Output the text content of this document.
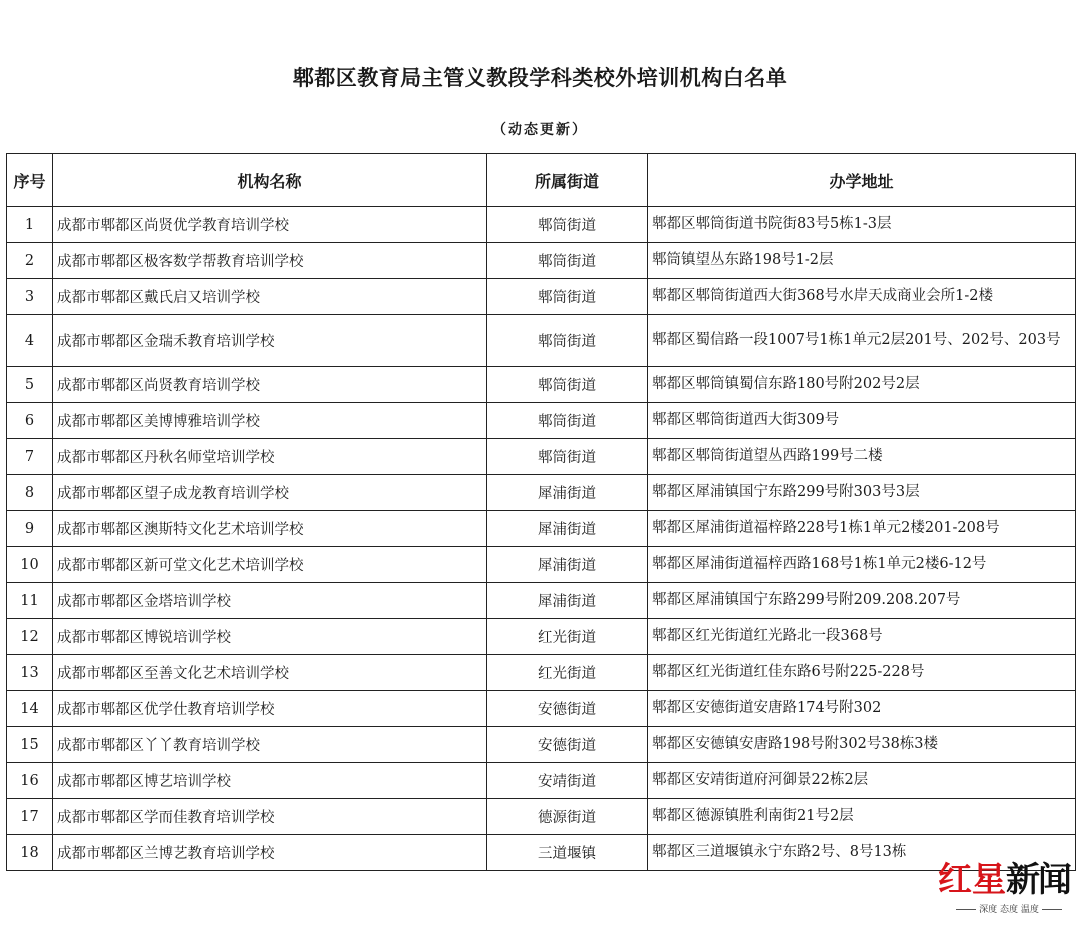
郫都区教育局主管义教段学科类校外培训机构白名单
（动态更新）
序号	机构名称	所属街道	办学地址
1	成都市郫都区尚贤优学教育培训学校	郫筒街道	郫都区郫筒街道书院街83号5栋1-3层
2	成都市郫都区极客数学帮教育培训学校	郫筒街道	郫筒镇望丛东路198号1-2层
3	成都市郫都区戴氏启又培训学校	郫筒街道	郫都区郫筒街道西大街368号水岸天成商业会所1-2楼
4	成都市郫都区金瑞禾教育培训学校	郫筒街道	郫都区蜀信路一段1007号1栋1单元2层201号、202号、203号
5	成都市郫都区尚贤教育培训学校	郫筒街道	郫都区郫筒镇蜀信东路180号附202号2层
6	成都市郫都区美博博雅培训学校	郫筒街道	郫都区郫筒街道西大街309号
7	成都市郫都区丹秋名师堂培训学校	郫筒街道	郫都区郫筒街道望丛西路199号二楼
8	成都市郫都区望子成龙教育培训学校	犀浦街道	郫都区犀浦镇国宁东路299号附303号3层
9	成都市郫都区澳斯特文化艺术培训学校	犀浦街道	郫都区犀浦街道福梓路228号1栋1单元2楼201-208号
10	成都市郫都区新可堂文化艺术培训学校	犀浦街道	郫都区犀浦街道福梓西路168号1栋1单元2楼6-12号
11	成都市郫都区金塔培训学校	犀浦街道	郫都区犀浦镇国宁东路299号附209.208.207号
12	成都市郫都区博锐培训学校	红光街道	郫都区红光街道红光路北一段368号
13	成都市郫都区至善文化艺术培训学校	红光街道	郫都区红光街道红佳东路6号附225-228号
14	成都市郫都区优学仕教育培训学校	安德街道	郫都区安德街道安唐路174号附302
15	成都市郫都区丫丫教育培训学校	安德街道	郫都区安德镇安唐路198号附302号38栋3楼
16	成都市郫都区博艺培训学校	安靖街道	郫都区安靖街道府河御景22栋2层
17	成都市郫都区学而佳教育培训学校	德源街道	郫都区德源镇胜利南街21号2层
18	成都市郫都区兰博艺教育培训学校	三道堰镇	郫都区三道堰镇永宁东路2号、8号13栋
红星新闻
深度 态度 温度
